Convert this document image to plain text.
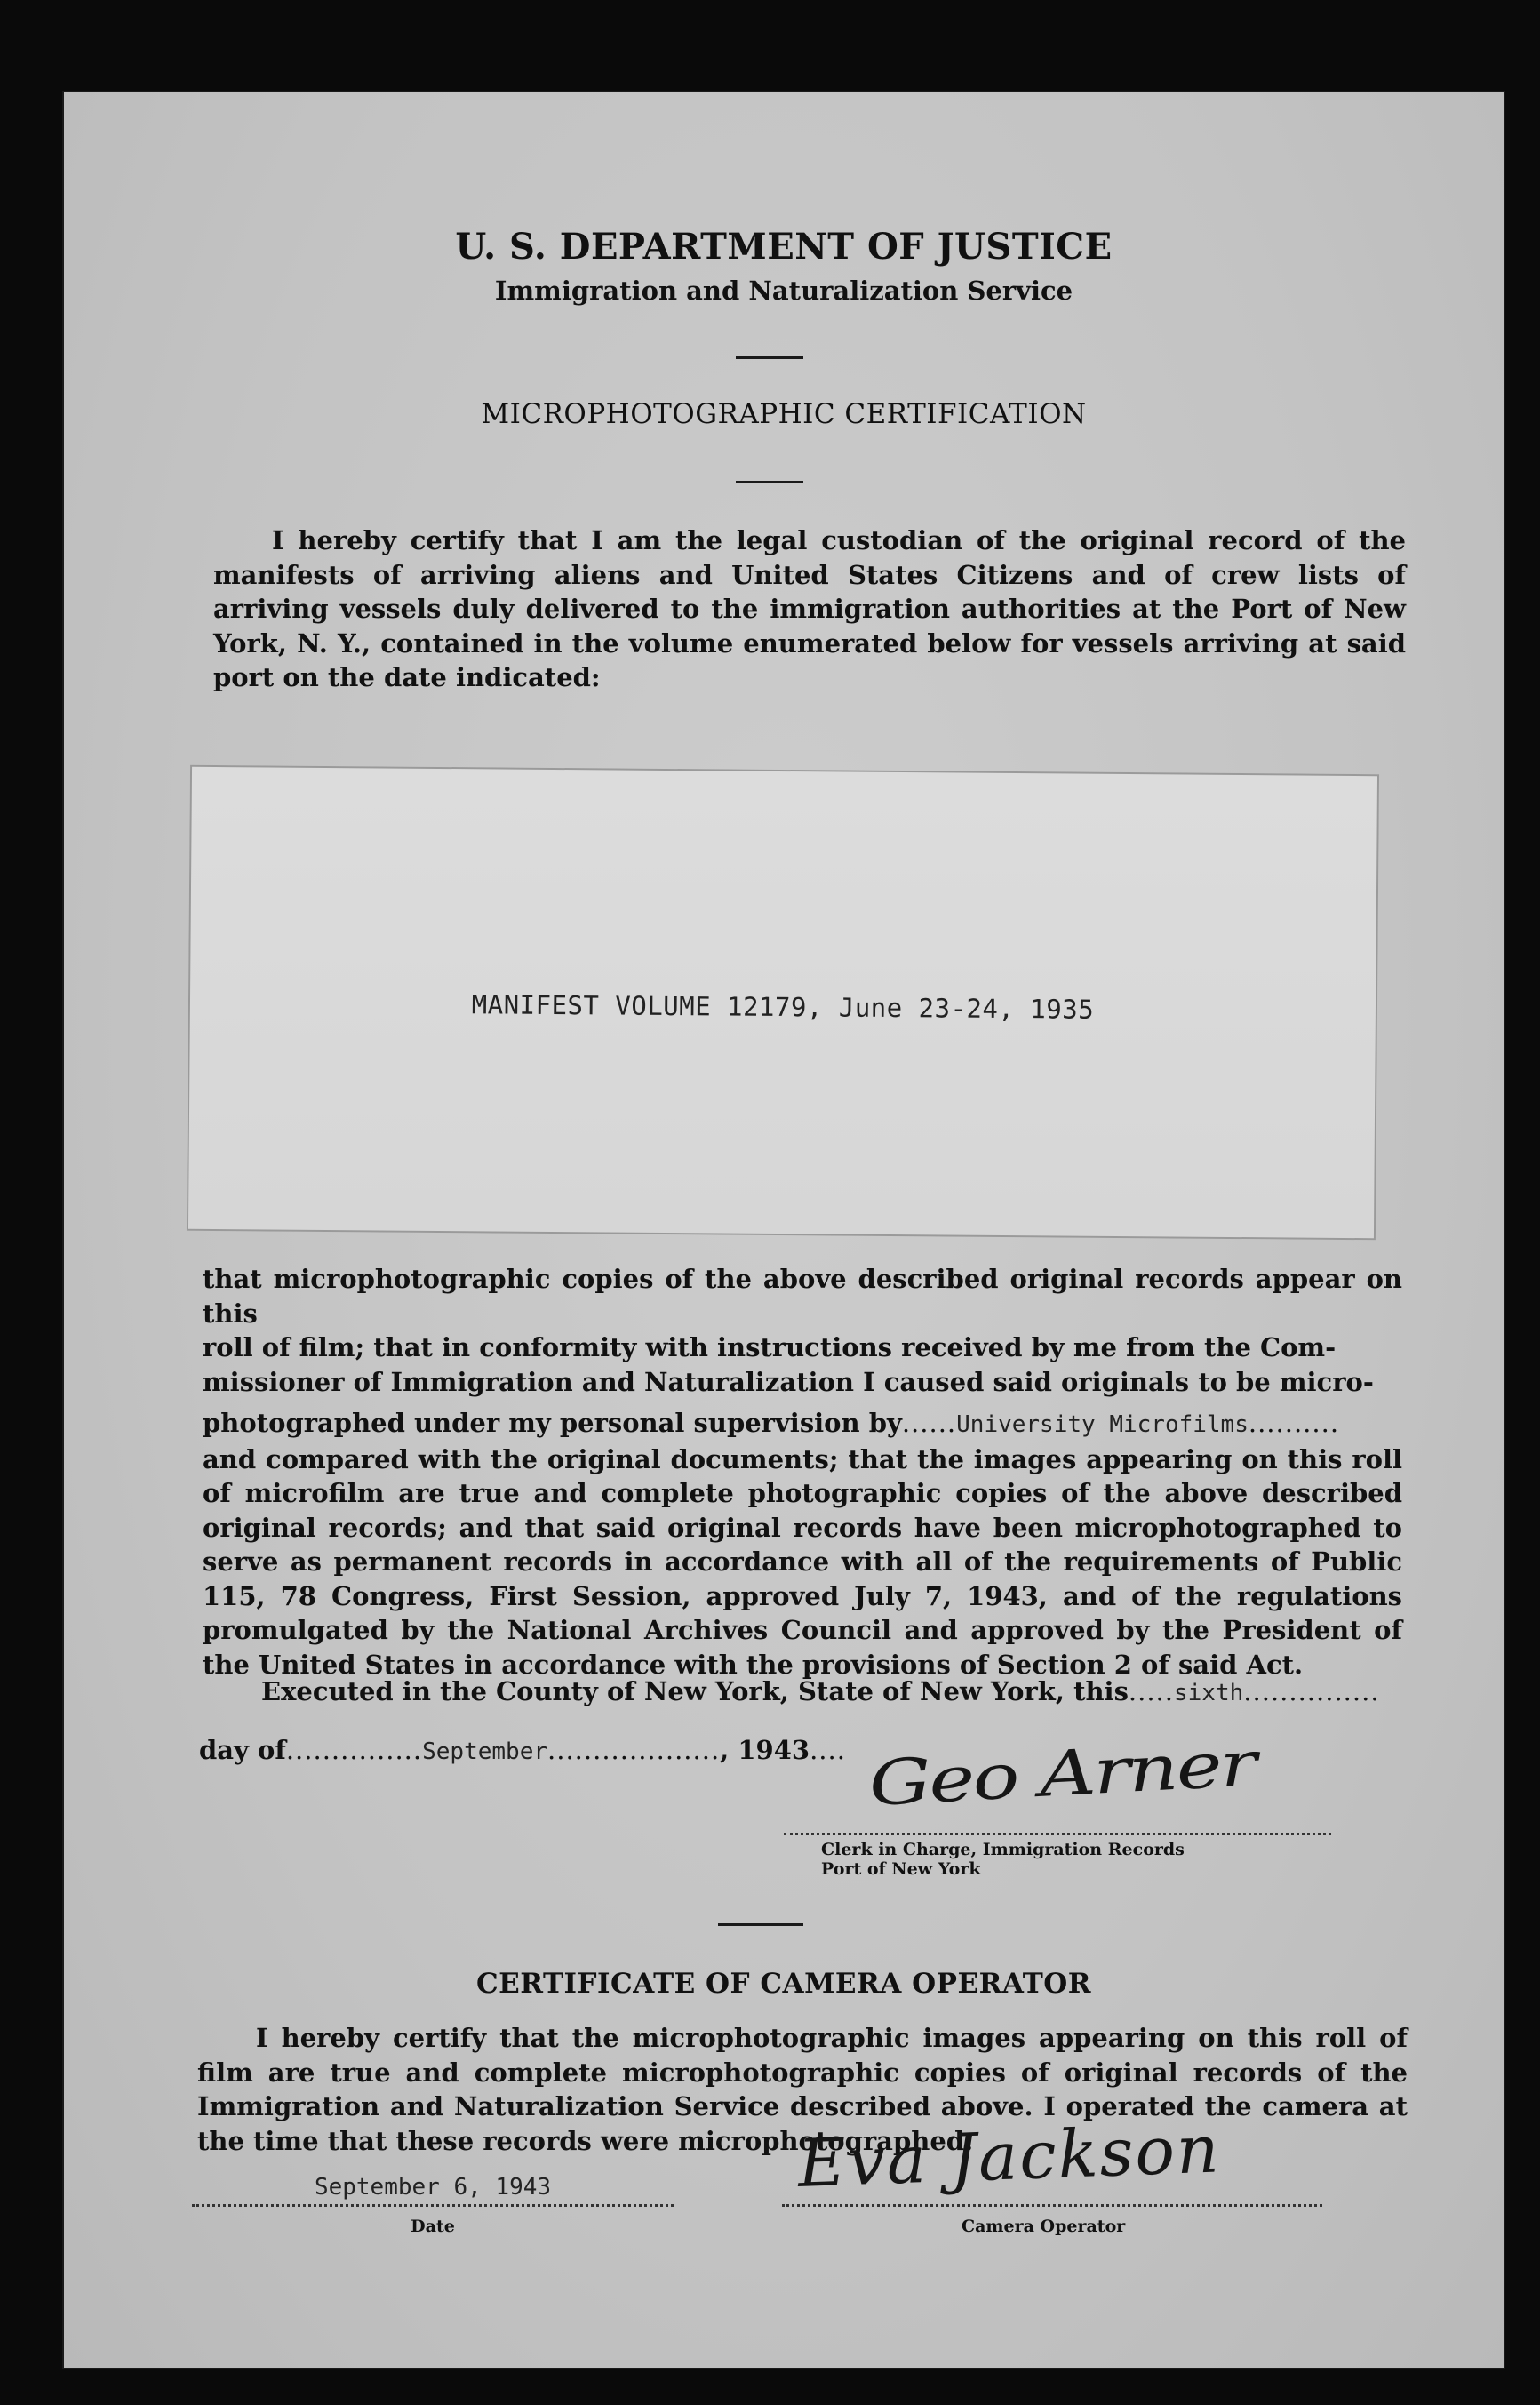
U. S. DEPARTMENT OF JUSTICE
Immigration and Naturalization Service
MICROPHOTOGRAPHIC CERTIFICATION
I hereby certify that I am the legal custodian of the original record of the manifests of arriving aliens and United States Citizens and of crew lists of arriving vessels duly delivered to the immigration authorities at the Port of New York, N. Y., contained in the volume enumerated below for vessels arriving at said port on the date indicated:
MANIFEST VOLUME 12179, June 23-24, 1935
that microphotographic copies of the above described original records appear on this
roll of film; that in conformity with instructions received by me from the Com-
missioner of Immigration and Naturalization I caused said originals to be micro-
photographed under my personal supervision by......University Microfilms..........
and compared with the original documents; that the images appearing on this roll of microfilm are true and complete photographic copies of the above described original records; and that said original records have been microphotographed to serve as permanent records in accordance with all of the requirements of Public 115, 78 Congress, First Session, approved July 7, 1943, and of the regulations promulgated by the National Archives Council and approved by the President of the United States in accordance with the provisions of Section 2 of said Act.
Executed in the County of New York, State of New York, this.....sixth...............
day of...............September..................., 1943.... Geo Arner
Clerk in Charge, Immigration Records
Port of New York
CERTIFICATE OF CAMERA OPERATOR
I hereby certify that the microphotographic images appearing on this roll of film are true and complete microphotographic copies of original records of the Immigration and Naturalization Service described above. I operated the camera at the time that these records were microphotographed.
September 6, 1943
Date
Eva Jackson
Camera Operator
